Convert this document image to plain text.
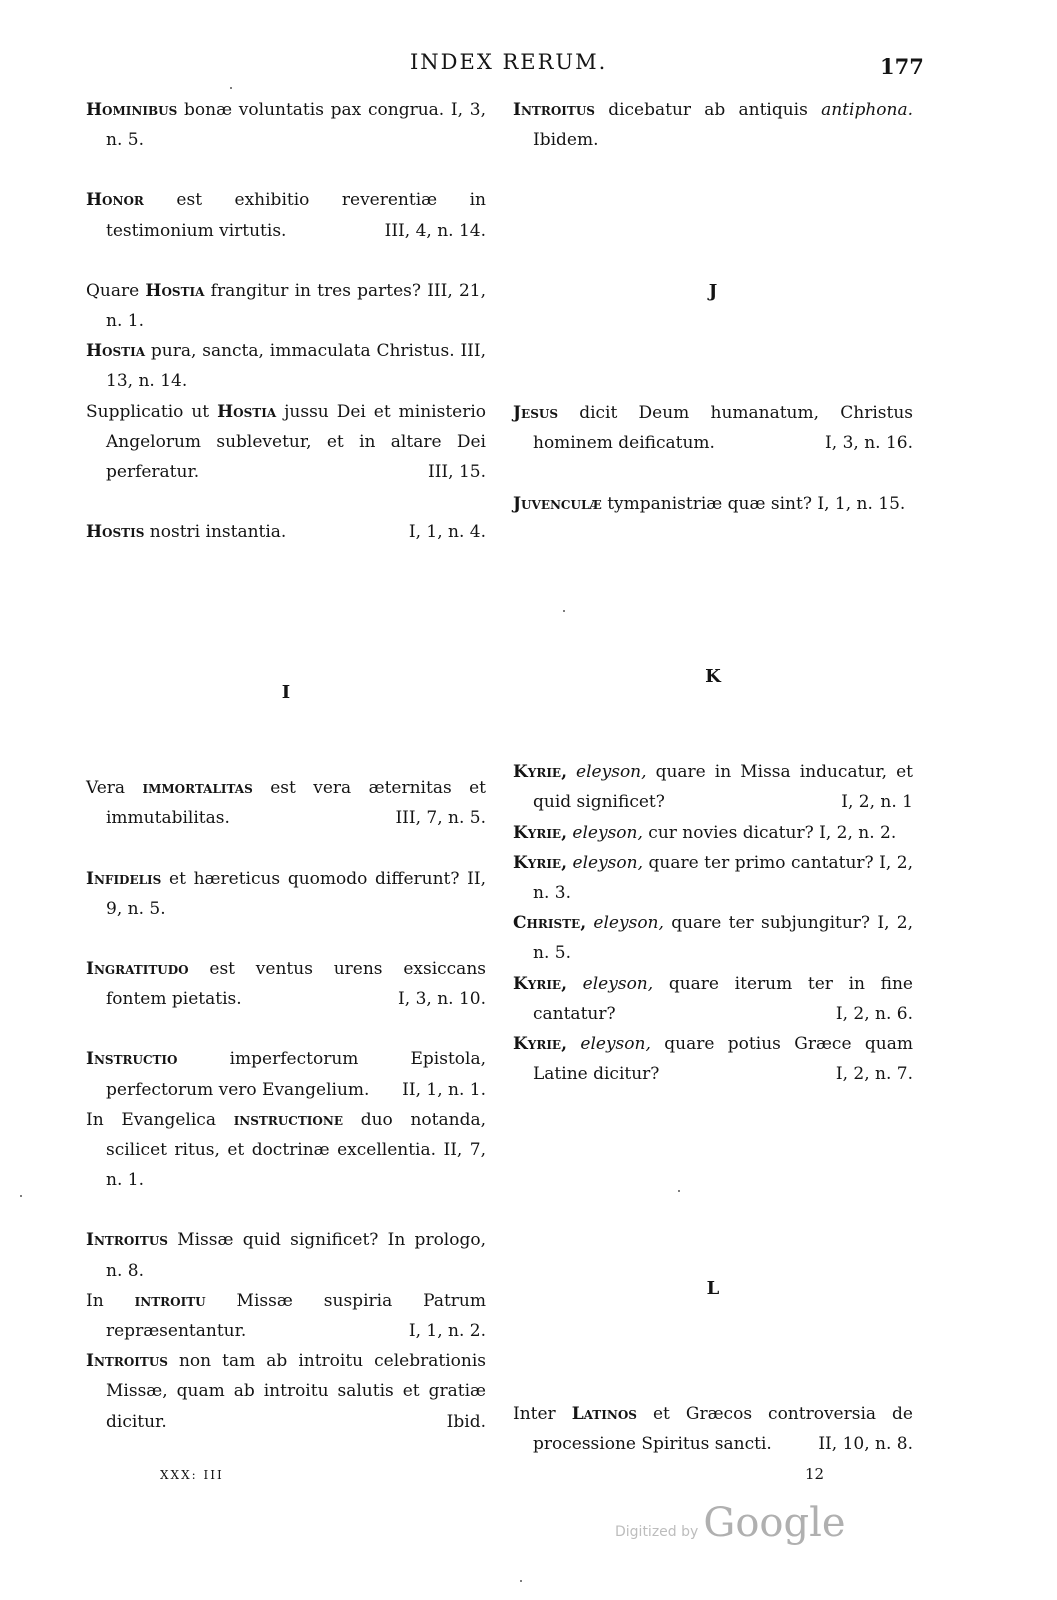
INDEX RERUM.	177

Hominibus bonæ voluntatis pax congrua. I, 3, n. 5.

Honor est exhibitio reverentiæ in testimonium virtutis.	III, 4, n. 14.

Quare Hostia frangitur in tres partes? III, 21, n. 1.

Hostia pura, sancta, immaculata Christus. III, 13, n. 14.

Supplicatio ut Hostia jussu Dei et ministerio Angelorum sublevetur, et in altare Dei perferatur.	III, 15.

Hostis nostri instantia.	I, 1, n. 4.

I

Vera immortalitas est vera æternitas et immutabilitas.	III, 7, n. 5.

Infidelis et hæreticus quomodo differunt? II, 9, n. 5.

Ingratitudo est ventus urens exsiccans fontem pietatis.	I, 3, n. 10.

Instructio imperfectorum Epistola, perfectorum vero Evangelium. II, 1, n. 1.

In Evangelica instructione duo notanda, scilicet ritus, et doctrinæ excellentia. II, 7, n. 1.

Introitus Missæ quid significet? In prologo, n. 8.

In introitu Missæ suspiria Patrum repræsentantur.	I, 1, n. 2.

Introitus non tam ab introitu celebrationis Missæ, quam ab introitu salutis et gratiæ dicitur.	Ibid.

Introitus dicebatur ab antiquis antiphona. Ibidem.

J

Jesus dicit Deum humanatum, Christus hominem deificatum.	I, 3, n. 16.

Juvenculæ tympanistriæ quæ sint? I, 1, n. 15.

K

Kyrie, eleyson, quare in Missa inducatur, et quid significet?	I, 2, n. 1

Kyrie, eleyson, cur novies dicatur? I, 2, n. 2.

Kyrie, eleyson, quare ter primo cantatur? I, 2, n. 3.

Christe, eleyson, quare ter subjungitur? I, 2, n. 5.

Kyrie, eleyson, quare iterum ter in fine cantatur?	I, 2, n. 6.

Kyrie, eleyson, quare potius Græce quam Latine dicitur?	I, 2, n. 7.

L

Inter Latinos et Græcos controversia de processione Spiritus sancti.	II, 10, n. 8.

XXX: III	12
Digitized by Google
